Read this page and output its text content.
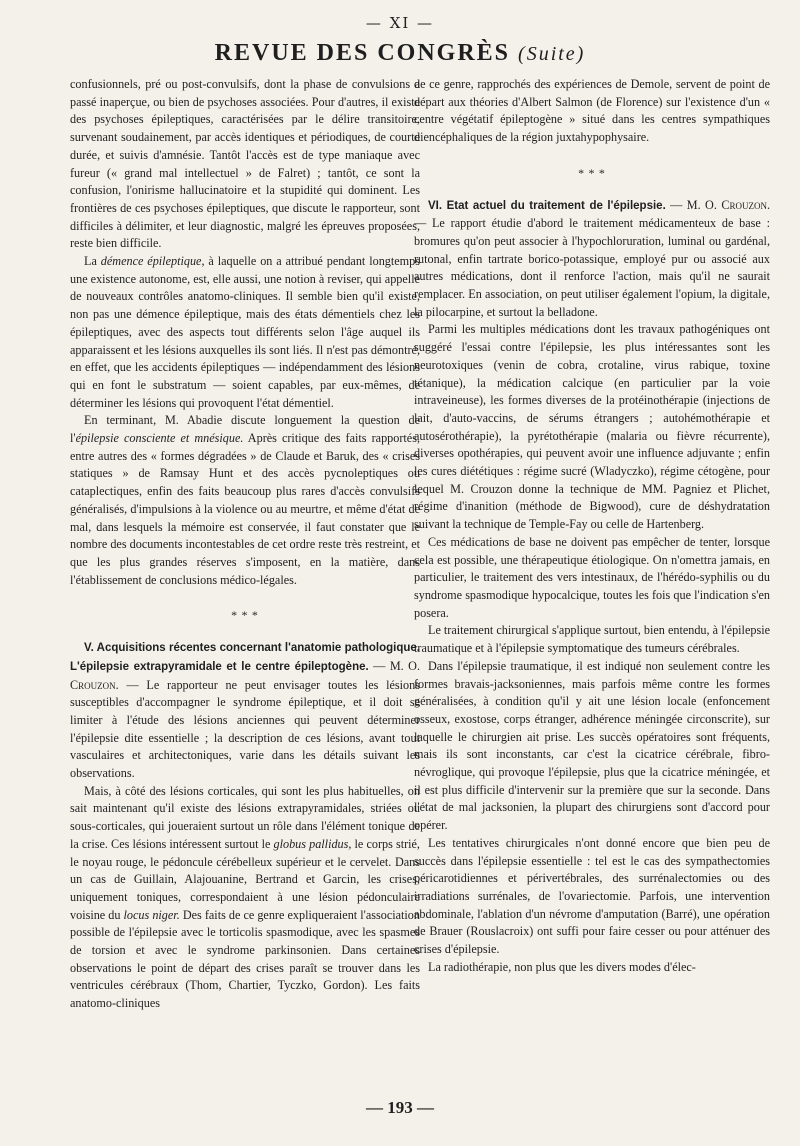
— XI —
REVUE DES CONGRÈS (Suite)

confusionnels, pré ou post-convulsifs, dont la phase de convulsions a passé inaperçue, ou bien de psychoses associées. Pour d'autres, il existe des psychoses épileptiques, caractérisées par le délire transitoire, survenant soudainement, par accès identiques et périodiques, de courte durée, et suivis d'amnésie. Tantôt l'accès est de type maniaque avec fureur (« grand mal intellectuel » de Falret) ; tantôt, ce sont la confusion, l'onirisme hallucinatoire et la stupidité qui dominent. Les frontières de ces psychoses épileptiques, que discute le rapporteur, sont difficiles à délimiter, et leur diagnostic, malgré les épreuves proposées, reste bien difficile.

La démence épileptique, à laquelle on a attribué pendant longtemps une existence autonome, est, elle aussi, une notion à reviser, qui appelle de nouveaux contrôles anatomo-cliniques. Il semble bien qu'il existe, non pas une démence épileptique, mais des états démentiels chez les épileptiques, avec des aspects tout différents selon l'âge auquel ils apparaissent et les lésions auxquelles ils sont liés. Il n'est pas démontré, en effet, que les accidents épileptiques — indépendamment des lésions qui en font le substratum — soient capables, par eux-mêmes, de déterminer les lésions qui provoquent l'état démentiel.

En terminant, M. Abadie discute longuement la question de l'épilepsie consciente et mnésique. Après critique des faits rapportés, entre autres des « formes dégradées » de Claude et Baruk, des « crises statiques » de Ramsay Hunt et des accès pycnoleptiques ou cataplectiques, enfin des faits beaucoup plus rares d'accès convulsifs généralisés, d'impulsions à la violence ou au meurtre, et même d'état de mal, dans lesquels la mémoire est conservée, il faut constater que le nombre des documents incontestables de cet ordre reste très restreint, et que les plus grandes réserves s'imposent, en la matière, dans l'établissement de conclusions médico-légales.

* * *

V. Acquisitions récentes concernant l'anatomie pathologique. L'épilepsie extrapyramidale et le centre épileptogène. — M. O. Crouzon. — Le rapporteur ne peut envisager toutes les lésions susceptibles d'accompagner le syndrome épileptique, et il doit se limiter à l'étude des lésions anciennes qui peuvent déterminer l'épilepsie dite essentielle ; la description de ces lésions, avant tout vasculaires et architectoniques, varie dans les détails suivant les observations.

Mais, à côté des lésions corticales, qui sont les plus habituelles, on sait maintenant qu'il existe des lésions extrapyramidales, striées ou sous-corticales, qui joueraient surtout un rôle dans l'élément tonique de la crise. Ces lésions intéressent surtout le globus pallidus, le corps strié, le noyau rouge, le pédoncule cérébelleux supérieur et le cervelet. Dans un cas de Guillain, Alajouanine, Bertrand et Garcin, les crises, uniquement toniques, correspondaient à une lésion pédonculaire voisine du locus niger. Des faits de ce genre expliqueraient l'association possible de l'épilepsie avec le torticolis spasmodique, avec les spasmes de torsion et avec le syndrome parkinsonien. Dans certaines observations le point de départ des crises paraît se trouver dans les ventricules cérébraux (Thom, Chartier, Tyczko, Gordon). Les faits anatomo-cliniques

de ce genre, rapprochés des expériences de Demole, servent de point de départ aux théories d'Albert Salmon (de Florence) sur l'existence d'un « centre végétatif épileptogène » situé dans les centres sympathiques diencéphaliques de la région juxtahypophysaire.

* * *

VI. Etat actuel du traitement de l'épilepsie. — M. O. Crouzon. — Le rapport étudie d'abord le traitement médicamenteux de base : bromures qu'on peut associer à l'hypochloruration, luminal ou gardénal, rutonal, enfin tartrate borico-potassique, employé pur ou associé aux autres médications, dont il renforce l'action, mais qu'il ne saurait remplacer. En association, on peut utiliser également l'opium, la digitale, la pilocarpine, et surtout la belladone.

Parmi les multiples médications dont les travaux pathogéniques ont suggéré l'essai contre l'épilepsie, les plus intéressantes sont les neurotoxiques (venin de cobra, crotaline, virus rabique, toxine tétanique), la médication calcique (en particulier par la voie intraveineuse), les formes diverses de la protéinothérapie (injections de lait, d'auto-vaccins, de sérums étrangers ; autohémothérapie et autosérothérapie), la pyrétothérapie (malaria ou fièvre récurrente), diverses opothérapies, qui peuvent avoir une influence adjuvante ; enfin les cures diététiques : régime sucré (Wladyczko), régime cétogène, pour lequel M. Crouzon donne la technique de MM. Pagniez et Plichet, régime d'inanition (méthode de Bigwood), cure de déshydratation suivant la technique de Temple-Fay ou celle de Hartenberg.

Ces médications de base ne doivent pas empêcher de tenter, lorsque cela est possible, une thérapeutique étiologique. On n'omettra jamais, en particulier, le traitement des vers intestinaux, de l'hérédo-syphilis ou du syndrome spasmodique hypocalcique, toutes les fois que l'indication s'en posera.

Le traitement chirurgical s'applique surtout, bien entendu, à l'épilepsie traumatique et à l'épilepsie symptomatique des tumeurs cérébrales.

Dans l'épilepsie traumatique, il est indiqué non seulement contre les formes bravais-jacksoniennes, mais parfois même contre les formes généralisées, à condition qu'il y ait une lésion locale (enfoncement osseux, exostose, corps étranger, adhérence méningée circonscrite), sur laquelle le chirurgien ait prise. Les succès opératoires sont fréquents, mais ils sont inconstants, car c'est la cicatrice cérébrale, fibro-névroglique, qui provoque l'épilepsie, plus que la cicatrice méningée, et il est plus difficile d'intervenir sur la première que sur la seconde. Dans l'état de mal jacksonien, la plupart des chirurgiens sont d'accord pour opérer.

Les tentatives chirurgicales n'ont donné encore que bien peu de succès dans l'épilepsie essentielle : tel est le cas des sympathectomies péricarotidiennes et périvertébrales, des surrénalectomies ou des irradiations surrénales, de l'ovariectomie. Parfois, une intervention abdominale, l'ablation d'un névrome d'amputation (Barré), une opération de Brauer (Rouslacroix) ont suffi pour faire cesser ou pour atténuer des crises d'épilepsie.

La radiothérapie, non plus que les divers modes d'élec-

— 193 —
